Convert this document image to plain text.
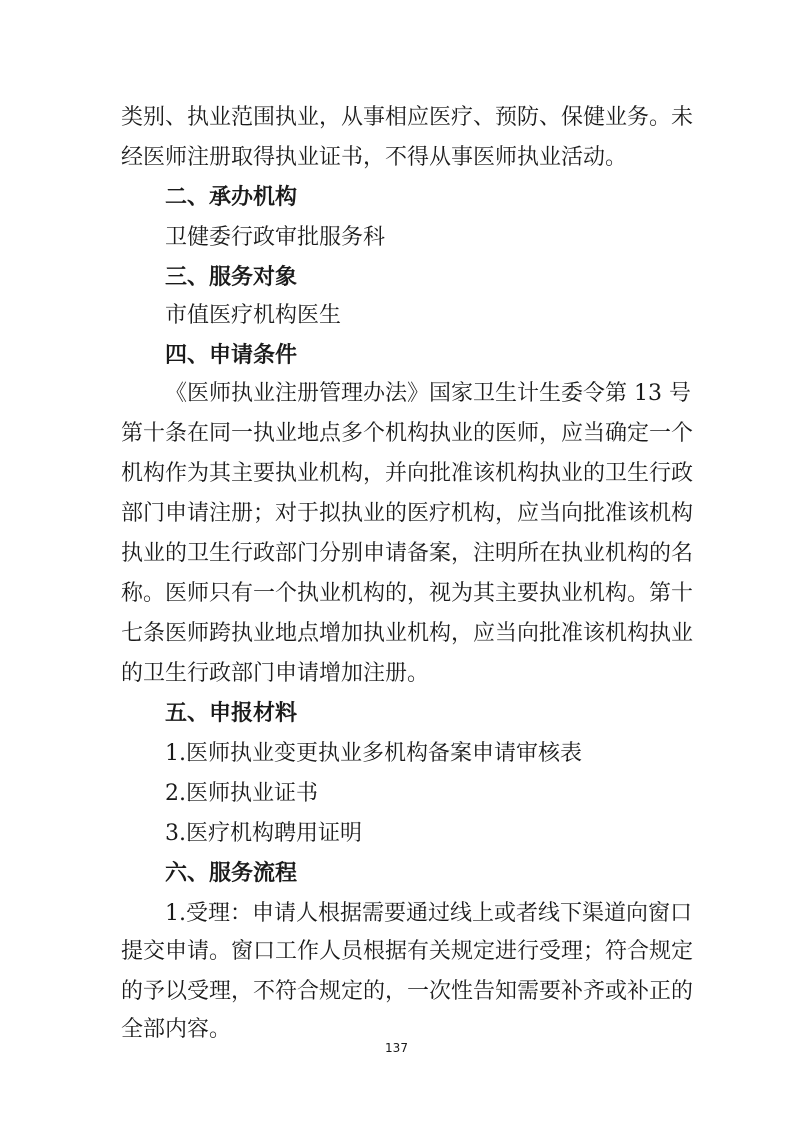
类别、执业范围执业，从事相应医疗、预防、保健业务。未

经医师注册取得执业证书，不得从事医师执业活动。

二、承办机构

卫健委行政审批服务科

三、服务对象

市值医疗机构医生

四、申请条件

《医师执业注册管理办法》国家卫生计生委令第 13 号

第十条在同一执业地点多个机构执业的医师，应当确定一个

机构作为其主要执业机构，并向批准该机构执业的卫生行政

部门申请注册；对于拟执业的医疗机构，应当向批准该机构

执业的卫生行政部门分别申请备案，注明所在执业机构的名

称。医师只有一个执业机构的，视为其主要执业机构。第十

七条医师跨执业地点增加执业机构，应当向批准该机构执业

的卫生行政部门申请增加注册。

五、申报材料

1.医师执业变更执业多机构备案申请审核表

2.医师执业证书

3.医疗机构聘用证明

六、服务流程

1.受理：申请人根据需要通过线上或者线下渠道向窗口

提交申请。窗口工作人员根据有关规定进行受理；符合规定

的予以受理，不符合规定的，一次性告知需要补齐或补正的

全部内容。

137
